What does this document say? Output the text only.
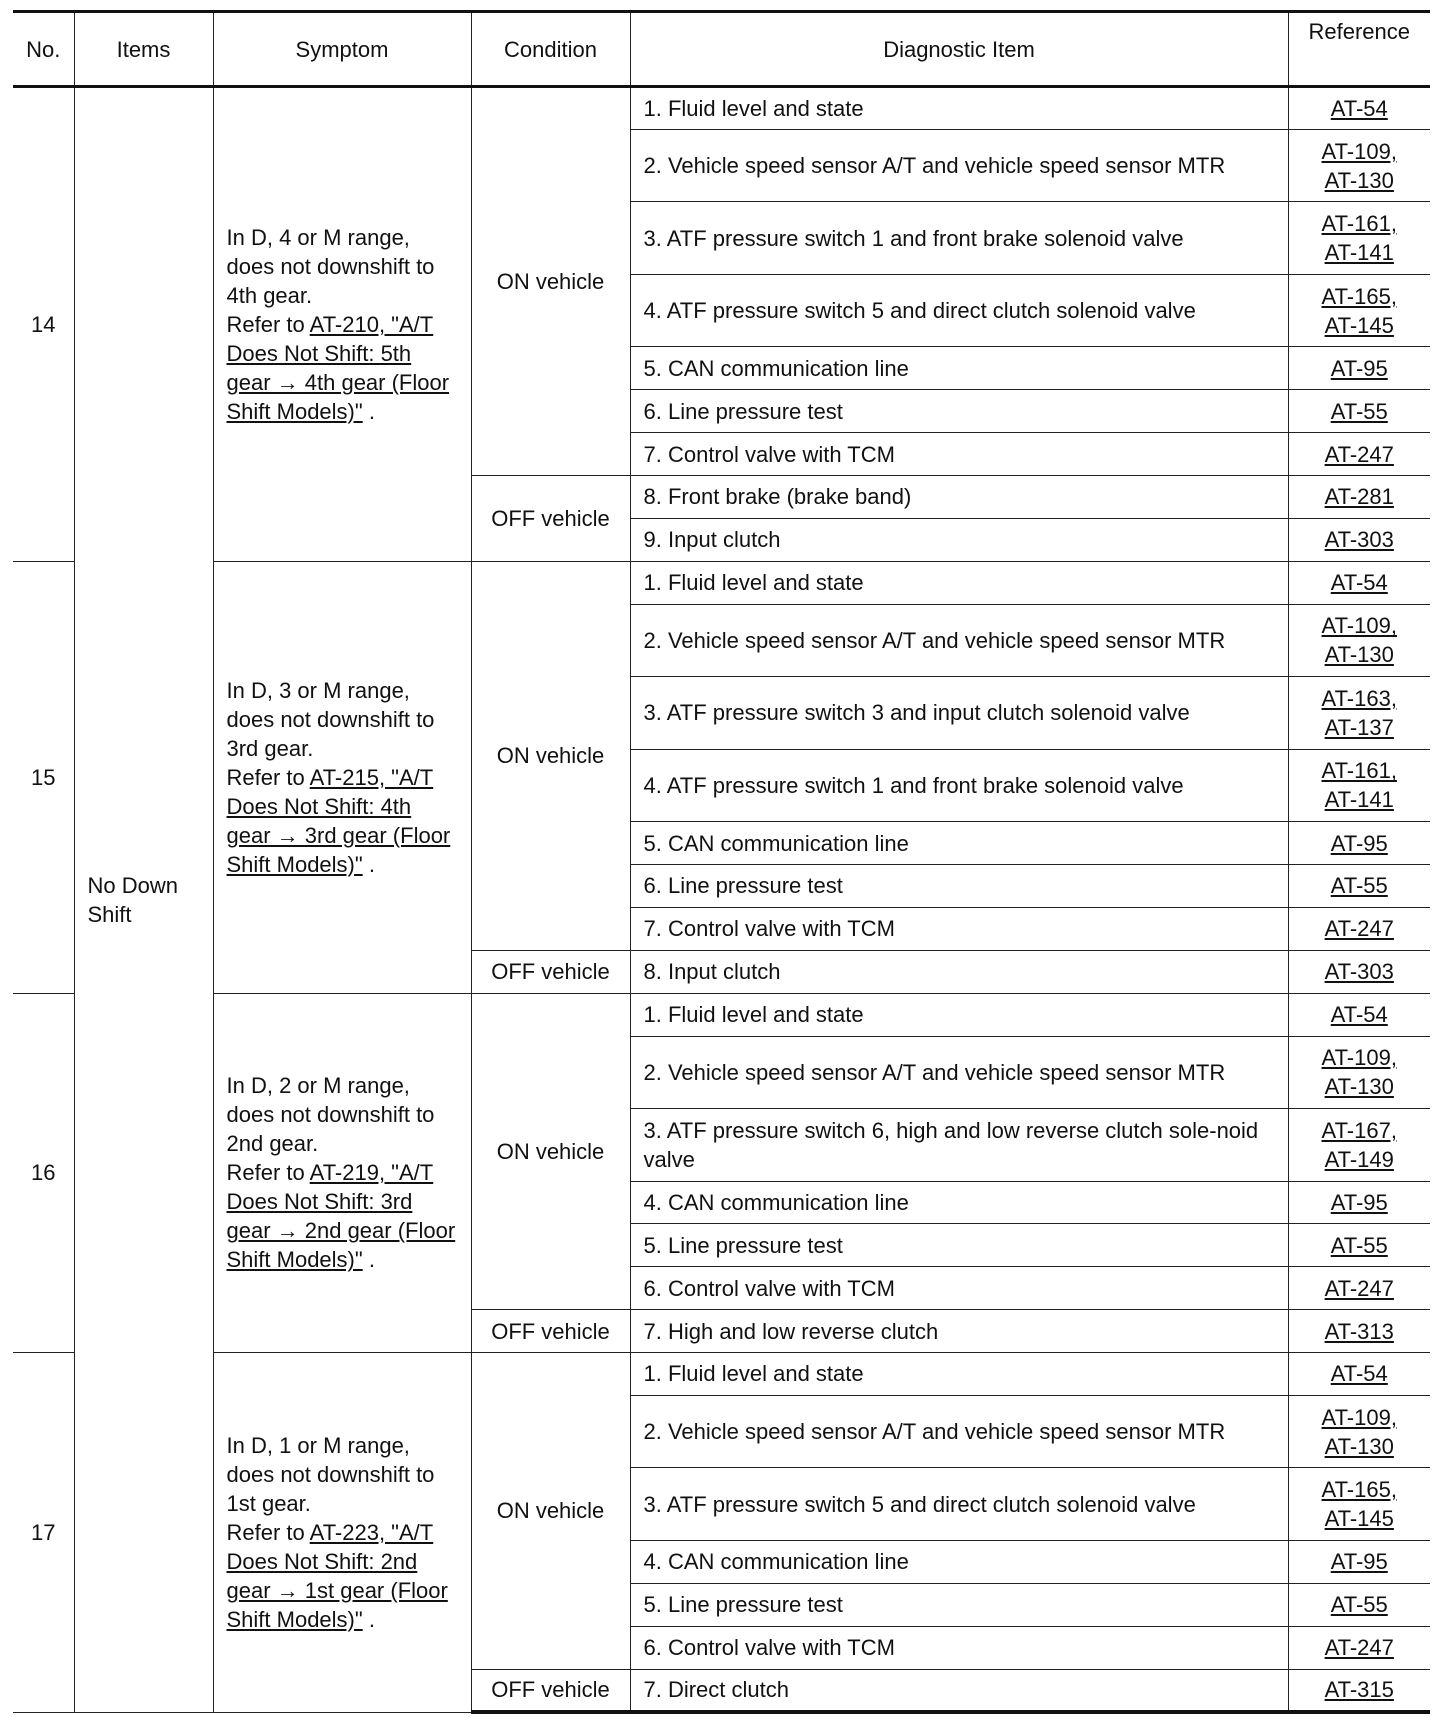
No.	Items	Symptom	Condition	Diagnostic Item	Reference
14	No Down Shift	In D, 4 or M range,
does not downshift to
4th gear.
Refer to AT-210, "A/T Does Not Shift: 5th gear → 4th gear (Floor Shift Models)" .	ON vehicle	1. Fluid level and state	AT-54
				2. Vehicle speed sensor A/T and vehicle speed sensor MTR	AT-109,
AT-130
				3. ATF pressure switch 1 and front brake solenoid valve	AT-161,
AT-141
				4. ATF pressure switch 5 and direct clutch solenoid valve	AT-165,
AT-145
				5. CAN communication line	AT-95
				6. Line pressure test	AT-55
				7. Control valve with TCM	AT-247
			OFF vehicle	8. Front brake (brake band)	AT-281
				9. Input clutch	AT-303
15		In D, 3 or M range,
does not downshift to
3rd gear.
Refer to AT-215, "A/T Does Not Shift: 4th gear → 3rd gear (Floor Shift Models)" .	ON vehicle	1. Fluid level and state	AT-54
				2. Vehicle speed sensor A/T and vehicle speed sensor MTR	AT-109,
AT-130
				3. ATF pressure switch 3 and input clutch solenoid valve	AT-163,
AT-137
				4. ATF pressure switch 1 and front brake solenoid valve	AT-161,
AT-141
				5. CAN communication line	AT-95
				6. Line pressure test	AT-55
				7. Control valve with TCM	AT-247
			OFF vehicle	8. Input clutch	AT-303
16		In D, 2 or M range,
does not downshift to
2nd gear.
Refer to AT-219, "A/T Does Not Shift: 3rd gear → 2nd gear (Floor Shift Models)" .	ON vehicle	1. Fluid level and state	AT-54
				2. Vehicle speed sensor A/T and vehicle speed sensor MTR	AT-109,
AT-130
				3. ATF pressure switch 6, high and low reverse clutch sole-noid valve	AT-167,
AT-149
				4. CAN communication line	AT-95
				5. Line pressure test	AT-55
				6. Control valve with TCM	AT-247
			OFF vehicle	7. High and low reverse clutch	AT-313
17		In D, 1 or M range,
does not downshift to
1st gear.
Refer to AT-223, "A/T Does Not Shift: 2nd gear → 1st gear (Floor Shift Models)" .	ON vehicle	1. Fluid level and state	AT-54
				2. Vehicle speed sensor A/T and vehicle speed sensor MTR	AT-109,
AT-130
				3. ATF pressure switch 5 and direct clutch solenoid valve	AT-165,
AT-145
				4. CAN communication line	AT-95
				5. Line pressure test	AT-55
				6. Control valve with TCM	AT-247
			OFF vehicle	7. Direct clutch	AT-315
